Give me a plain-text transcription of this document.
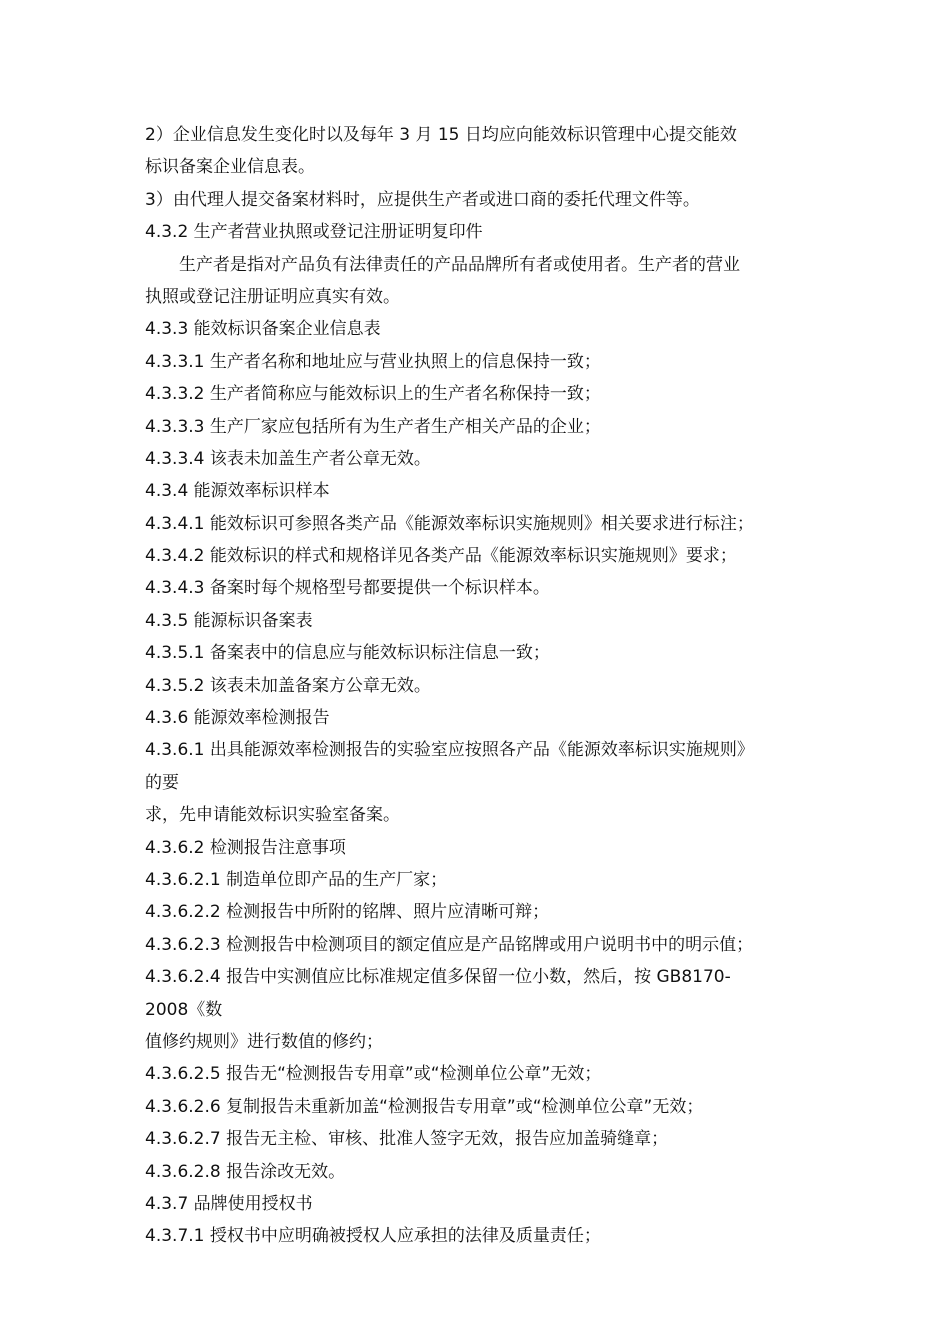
2）企业信息发生变化时以及每年 3 月 15 日均应向能效标识管理中心提交能效
标识备案企业信息表。
3）由代理人提交备案材料时，应提供生产者或进口商的委托代理文件等。
4.3.2 生产者营业执照或登记注册证明复印件
生产者是指对产品负有法律责任的产品品牌所有者或使用者。生产者的营业
执照或登记注册证明应真实有效。
4.3.3 能效标识备案企业信息表
4.3.3.1 生产者名称和地址应与营业执照上的信息保持一致；
4.3.3.2 生产者简称应与能效标识上的生产者名称保持一致；
4.3.3.3 生产厂家应包括所有为生产者生产相关产品的企业；
4.3.3.4 该表未加盖生产者公章无效。
4.3.4 能源效率标识样本
4.3.4.1 能效标识可参照各类产品《能源效率标识实施规则》相关要求进行标注；
4.3.4.2 能效标识的样式和规格详见各类产品《能源效率标识实施规则》要求；
4.3.4.3 备案时每个规格型号都要提供一个标识样本。
4.3.5 能源标识备案表
4.3.5.1 备案表中的信息应与能效标识标注信息一致；
4.3.5.2 该表未加盖备案方公章无效。
4.3.6 能源效率检测报告
4.3.6.1 出具能源效率检测报告的实验室应按照各产品《能源效率标识实施规则》
的要
求，先申请能效标识实验室备案。
4.3.6.2 检测报告注意事项
4.3.6.2.1 制造单位即产品的生产厂家；
4.3.6.2.2 检测报告中所附的铭牌、照片应清晰可辩；
4.3.6.2.3 检测报告中检测项目的额定值应是产品铭牌或用户说明书中的明示值；
4.3.6.2.4 报告中实测值应比标准规定值多保留一位小数，然后，按 GB8170-
2008《数
值修约规则》进行数值的修约；
4.3.6.2.5 报告无“检测报告专用章”或“检测单位公章”无效；
4.3.6.2.6 复制报告未重新加盖“检测报告专用章”或“检测单位公章”无效；
4.3.6.2.7 报告无主检、审核、批准人签字无效，报告应加盖骑缝章；
4.3.6.2.8 报告涂改无效。
4.3.7 品牌使用授权书
4.3.7.1 授权书中应明确被授权人应承担的法律及质量责任；
